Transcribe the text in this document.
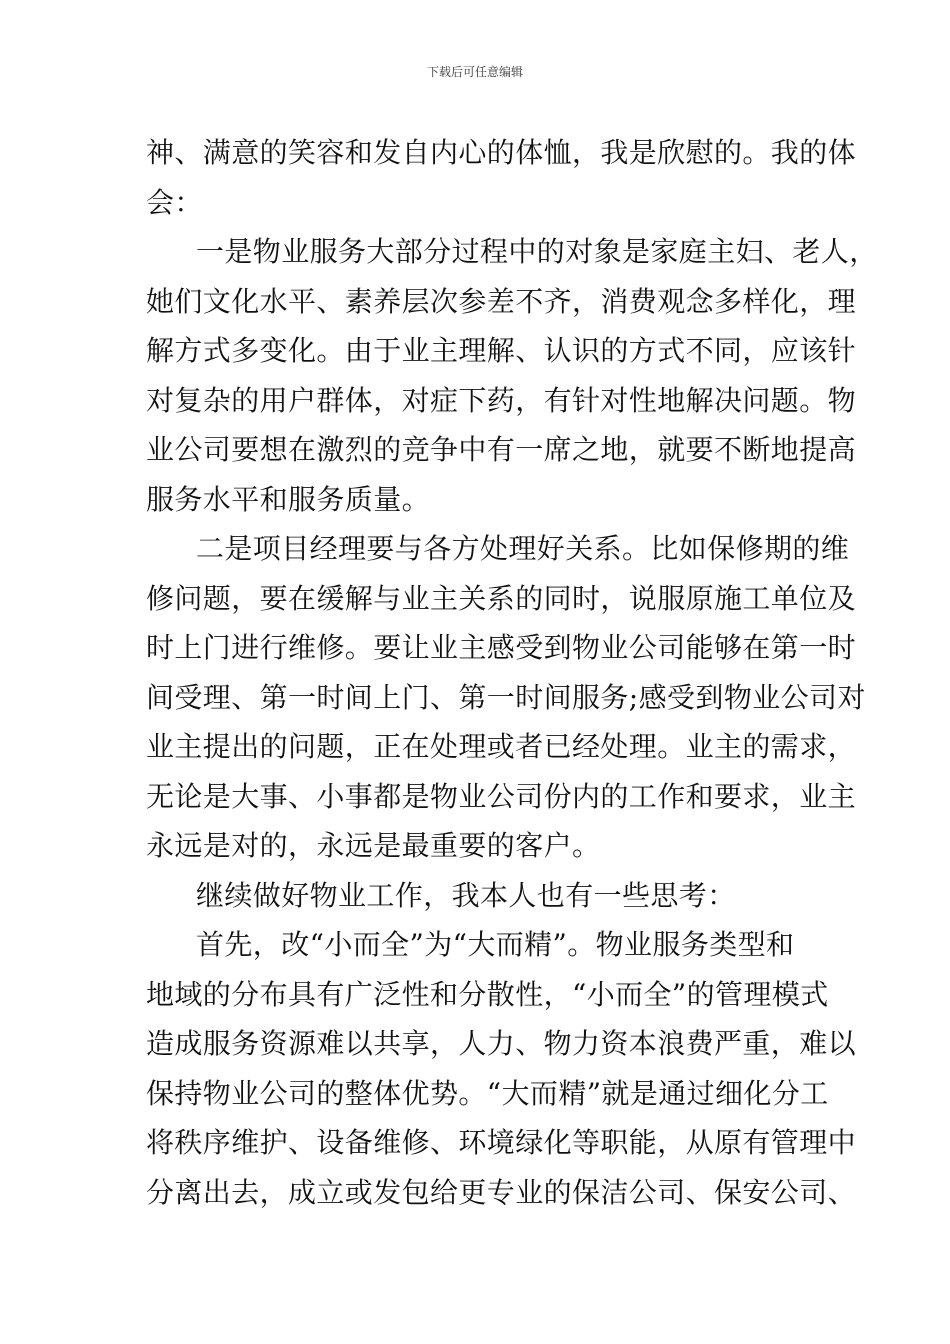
下载后可任意编辑
神、满意的笑容和发自内心的体恤，我是欣慰的。我的体
会：
一是物业服务大部分过程中的对象是家庭主妇、老人，
她们文化水平、素养层次参差不齐，消费观念多样化，理
解方式多变化。由于业主理解、认识的方式不同，应该针
对复杂的用户群体，对症下药，有针对性地解决问题。物
业公司要想在激烈的竞争中有一席之地，就要不断地提高
服务水平和服务质量。
二是项目经理要与各方处理好关系。比如保修期的维
修问题，要在缓解与业主关系的同时，说服原施工单位及
时上门进行维修。要让业主感受到物业公司能够在第一时
间受理、第一时间上门、第一时间服务;感受到物业公司对
业主提出的问题，正在处理或者已经处理。业主的需求，
无论是大事、小事都是物业公司份内的工作和要求，业主
永远是对的，永远是最重要的客户。
继续做好物业工作，我本人也有一些思考：
首先，改“小而全”为“大而精”。物业服务类型和
地域的分布具有广泛性和分散性，“小而全”的管理模式
造成服务资源难以共享，人力、物力资本浪费严重，难以
保持物业公司的整体优势。“大而精”就是通过细化分工
将秩序维护、设备维修、环境绿化等职能，从原有管理中
分离出去，成立或发包给更专业的保洁公司、保安公司、
